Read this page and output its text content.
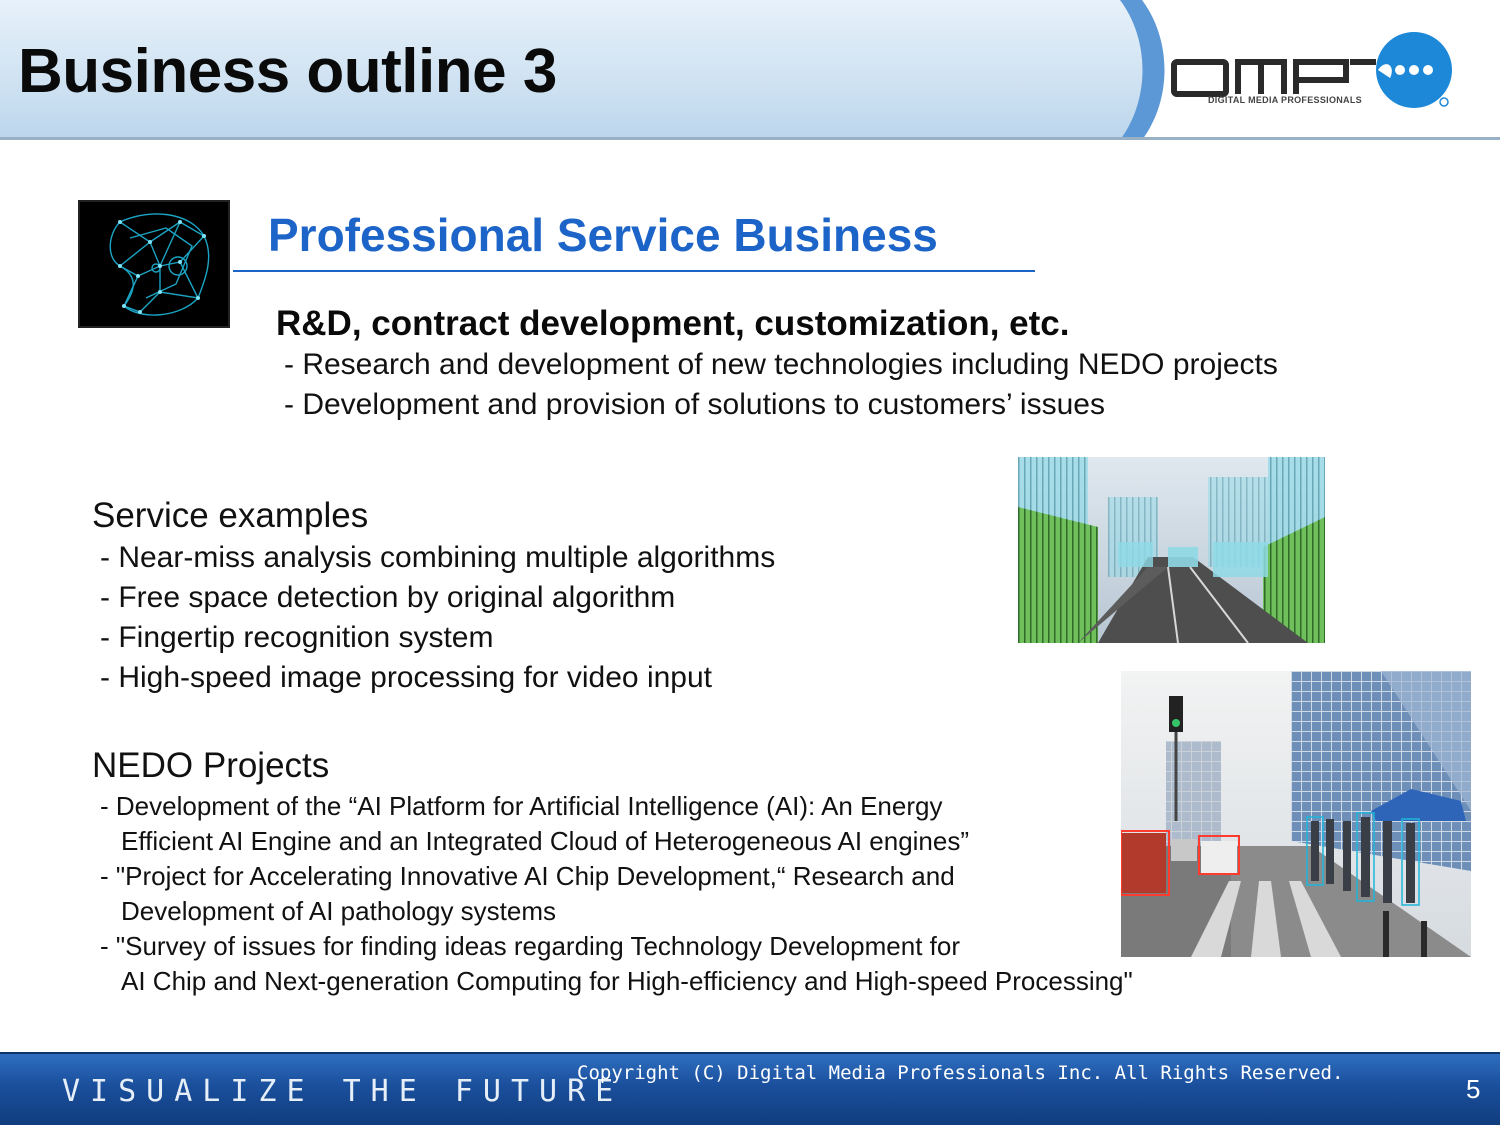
Business outline 3	DIGITAL MEDIA PROFESSIONALS
Professional Service Business
R&D, contract development, customization, etc.
- Research and development of new technologies including NEDO projects
- Development and provision of solutions to customers’ issues
Service examples
- Near-miss analysis combining multiple algorithms
- Free space detection by original algorithm
- Fingertip recognition system
- High-speed image processing for video input
NEDO Projects
- Development of the “AI Platform for Artificial Intelligence (AI): An Energy
Efficient AI Engine and an Integrated Cloud of Heterogeneous AI engines”
- "Project for Accelerating Innovative AI Chip Development,“ Research and
Development of AI pathology systems
- "Survey of issues for finding ideas regarding Technology Development for
AI Chip and Next-generation Computing for High-efficiency and High-speed Processing"
VISUALIZE THE FUTURE
Copyright (C) Digital Media Professionals Inc. All Rights Reserved.
5
